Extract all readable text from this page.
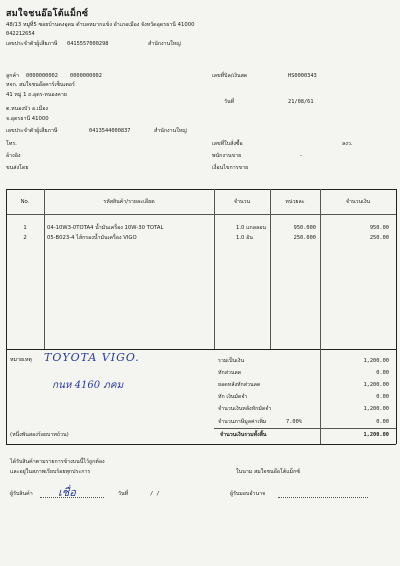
สมใจชนอ๊อโต้แม็กซ์
48/13 หมู่ที่5 ซอยบ้านดงอุดม ตำบลหมากแข้ง อำเภอเมือง จังหวัดอุดรธานี 41000
042212654
เลขประจำตัวผู้เสียภาษี 0415557000298	สำนักงานใหญ่
ลูกค้า 0000000002 0000000002
หจก. สมใจชนอ๊อคาร์เซ็นเตอร์
41 หมู่ 1 ถ.อุดร-หนองคาย
ต.หนองบัว อ.เมือง
จ.อุดรธานี 41000
เลขประจำตัวผู้เสียภาษี	0413544000837	สำนักงานใหญ่
โทร.
อ้างอิง
ขนส่งโดย
เลขที่บิล/เงินสด	HS0000343
วันที่	21/08/61
เลขที่ใบสั่งซื้อ	ลงว.
พนักงานขาย	-
เงื่อนไขการขาย
No.	รหัสสินค้า/รายละเอียด	จำนวน	หน่วยละ	จำนวนเงิน
1	04-10W3-0TOTA4 น้ำมันเครื่อง 10W-30 TOTAL	1.0 แกลลอน	950.000	950.00
2	05-B023-4 ไส้กรองน้ำมันเครื่อง VIGO	1.0 อัน	250.000	250.00
หมายเหตุ TOYOTA VIGO.
กนห 4160 ภคม
รวมเป็นเงิน	1,200.00
หักส่วนลด	0.00
ยอดหลังหักส่วนลด	1,200.00
หัก เงินมัดจำ	0.00
จำนวนเงินหลังหักมัดจำ	1,200.00
จำนวนภาษีมูลค่าเพิ่ม	7.00%	0.00
(หนึ่งพันสองร้อยบาทถ้วน)	จำนวนเงินรวมทั้งสิ้น	1,200.00
ได้รับสินค้าตามรายการข้างบนนี้ไว้ถูกต้อง
และอยู่ในสภาพเรียบร้อยทุกประการ	ในนาม สมใจชนอ๊อโต้แม็กซ์
ผู้รับสินค้า เชื่อ	วันที่	/ /	ผู้รับมอบอำนาจ
